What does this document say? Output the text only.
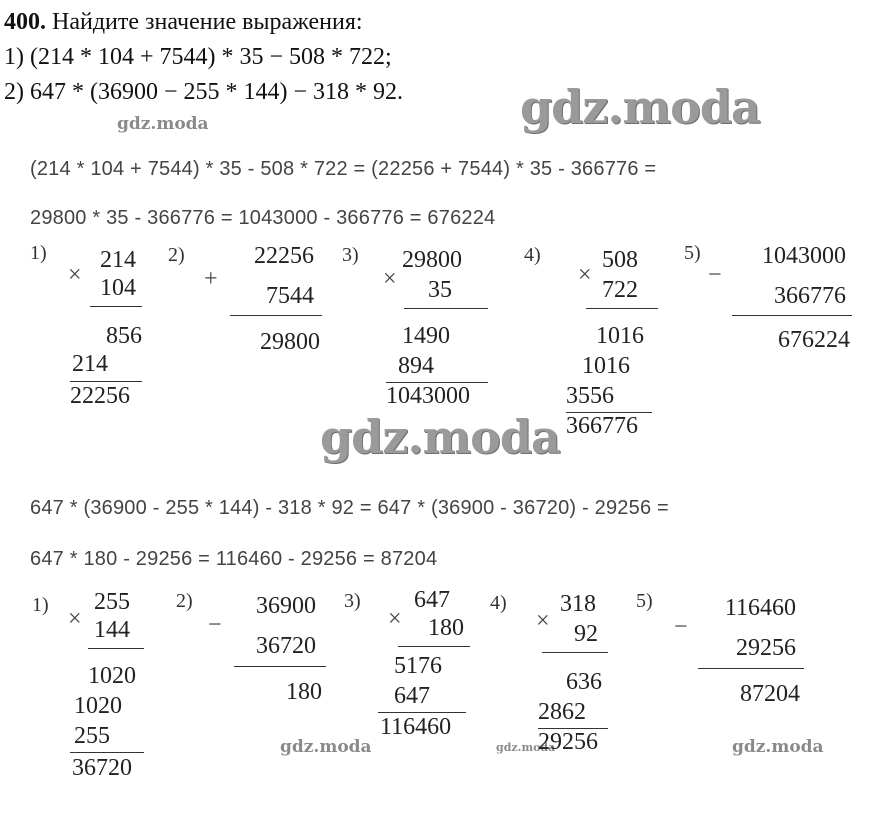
400. Найдите значение выражения:
1) (214 * 104 + 7544) * 35 − 508 * 722;
2) 647 * (36900 − 255 * 144) − 318 * 92.	gdz.moda
gdz.moda
gdz.moda
gdz.moda	gdz.moda	gdz.moda
(214 * 104 + 7544) * 35 - 508 * 722 = (22256 + 7544) * 35 - 366776 =
29800 * 35 - 366776 = 1043000 - 366776 = 676224
1)
×
214
104
856
214
22256
2)
+
22256
7544
29800
3)
×
29800
35
1490
894
1043000
4)
×
508
722
1016
1016
3556
366776
5)
−
1043000
366776
676224
647 * (36900 - 255 * 144) - 318 * 92 = 647 * (36900 - 36720) - 29256 =
647 * 180 - 29256 = 116460 - 29256 = 87204
1)
×
255
144
1020
1020
255
36720
2)
−
36900
36720
180
3)
×
647
180
5176
647
116460
4)
×
318
92
636
2862
29256
5)
−
116460
29256
87204
